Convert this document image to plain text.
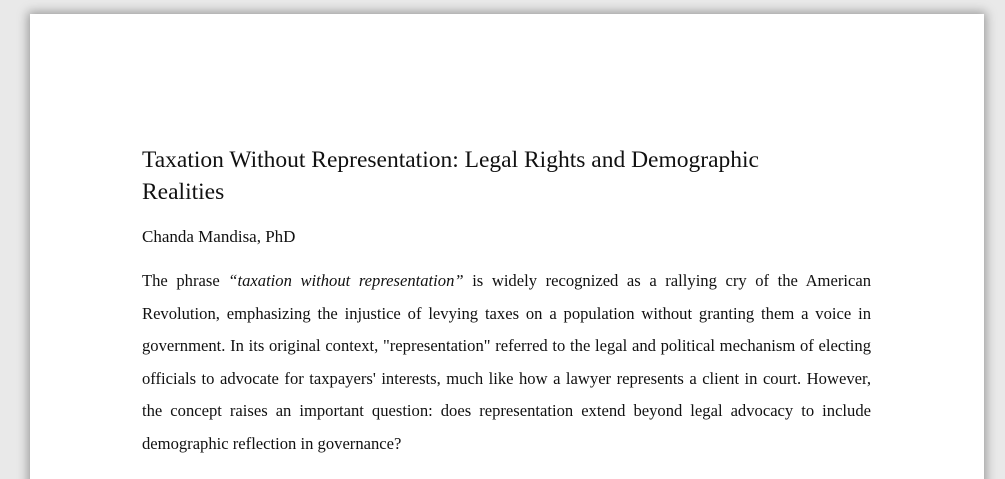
Taxation Without Representation: Legal Rights and Demographic Realities

Chanda Mandisa, PhD

The phrase “taxation without representation” is widely recognized as a rallying cry of the American Revolution, emphasizing the injustice of levying taxes on a population without granting them a voice in government. In its original context, "representation" referred to the legal and political mechanism of electing officials to advocate for taxpayers' interests, much like how a lawyer represents a client in court. However, the concept raises an important question: does representation extend beyond legal advocacy to include demographic reflection in governance?
